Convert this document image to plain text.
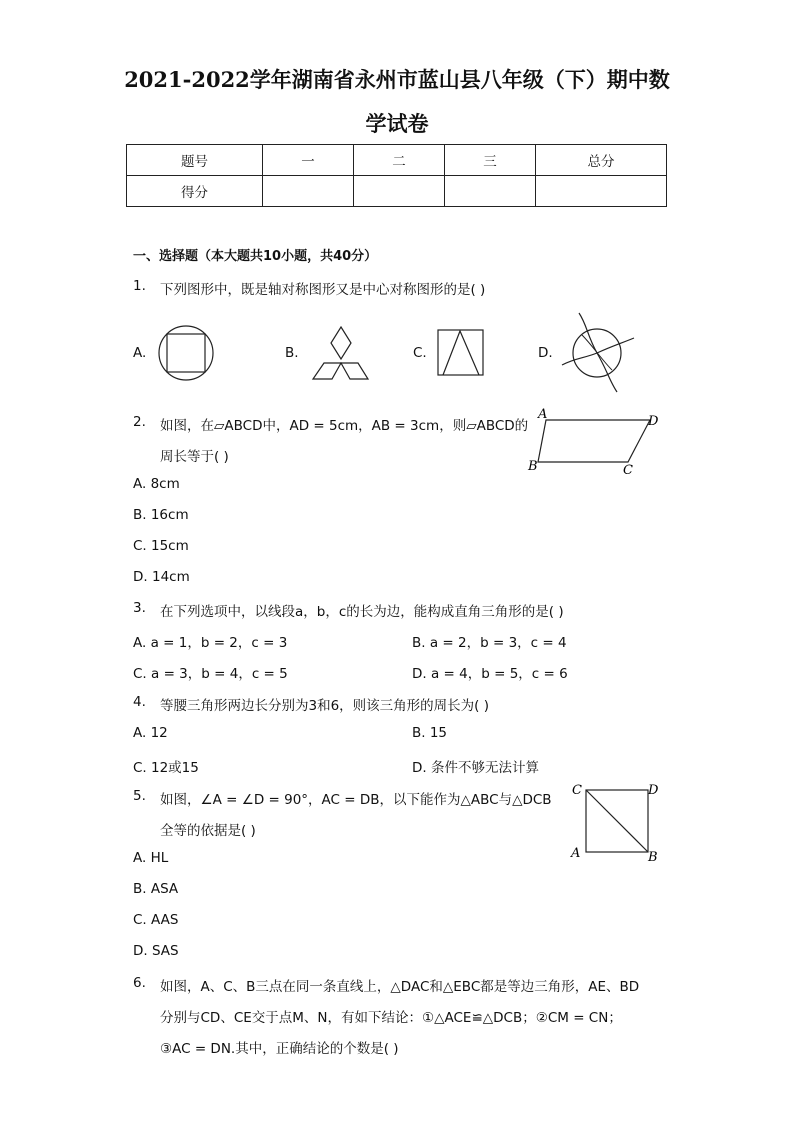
2021-2022学年湖南省永州市蓝山县八年级（下）期中数
学试卷
题号	一	二	三	总分
得分				
一、选择题（本大题共10小题，共40分）
1. 下列图形中，既是轴对称图形又是中心对称图形的是( )
A.	B.	C.	D.
2. 如图，在▱ABCD中，AD = 5cm，AB = 3cm，则▱ABCD的
周长等于( )
A	D
B	C
A. 8cm
B. 16cm
C. 15cm
D. 14cm
3. 在下列选项中，以线段a，b，c的长为边，能构成直角三角形的是( )
A. a = 1，b = 2，c = 3	B. a = 2，b = 3，c = 4
C. a = 3，b = 4，c = 5	D. a = 4，b = 5，c = 6
4. 等腰三角形两边长分别为3和6，则该三角形的周长为( )
A. 12	B. 15
C. 12或15	D. 条件不够无法计算
5. 如图，∠A = ∠D = 90°，AC = DB，以下能作为△ABC与△DCB
全等的依据是( )
C	D
A	B
A. HL
B. ASA
C. AAS
D. SAS
6. 如图，A、C、B三点在同一条直线上，△DAC和△EBC都是等边三角形，AE、BD
分别与CD、CE交于点M、N，有如下结论：①△ACE≌△DCB；②CM = CN；
③AC = DN.其中，正确结论的个数是( )
